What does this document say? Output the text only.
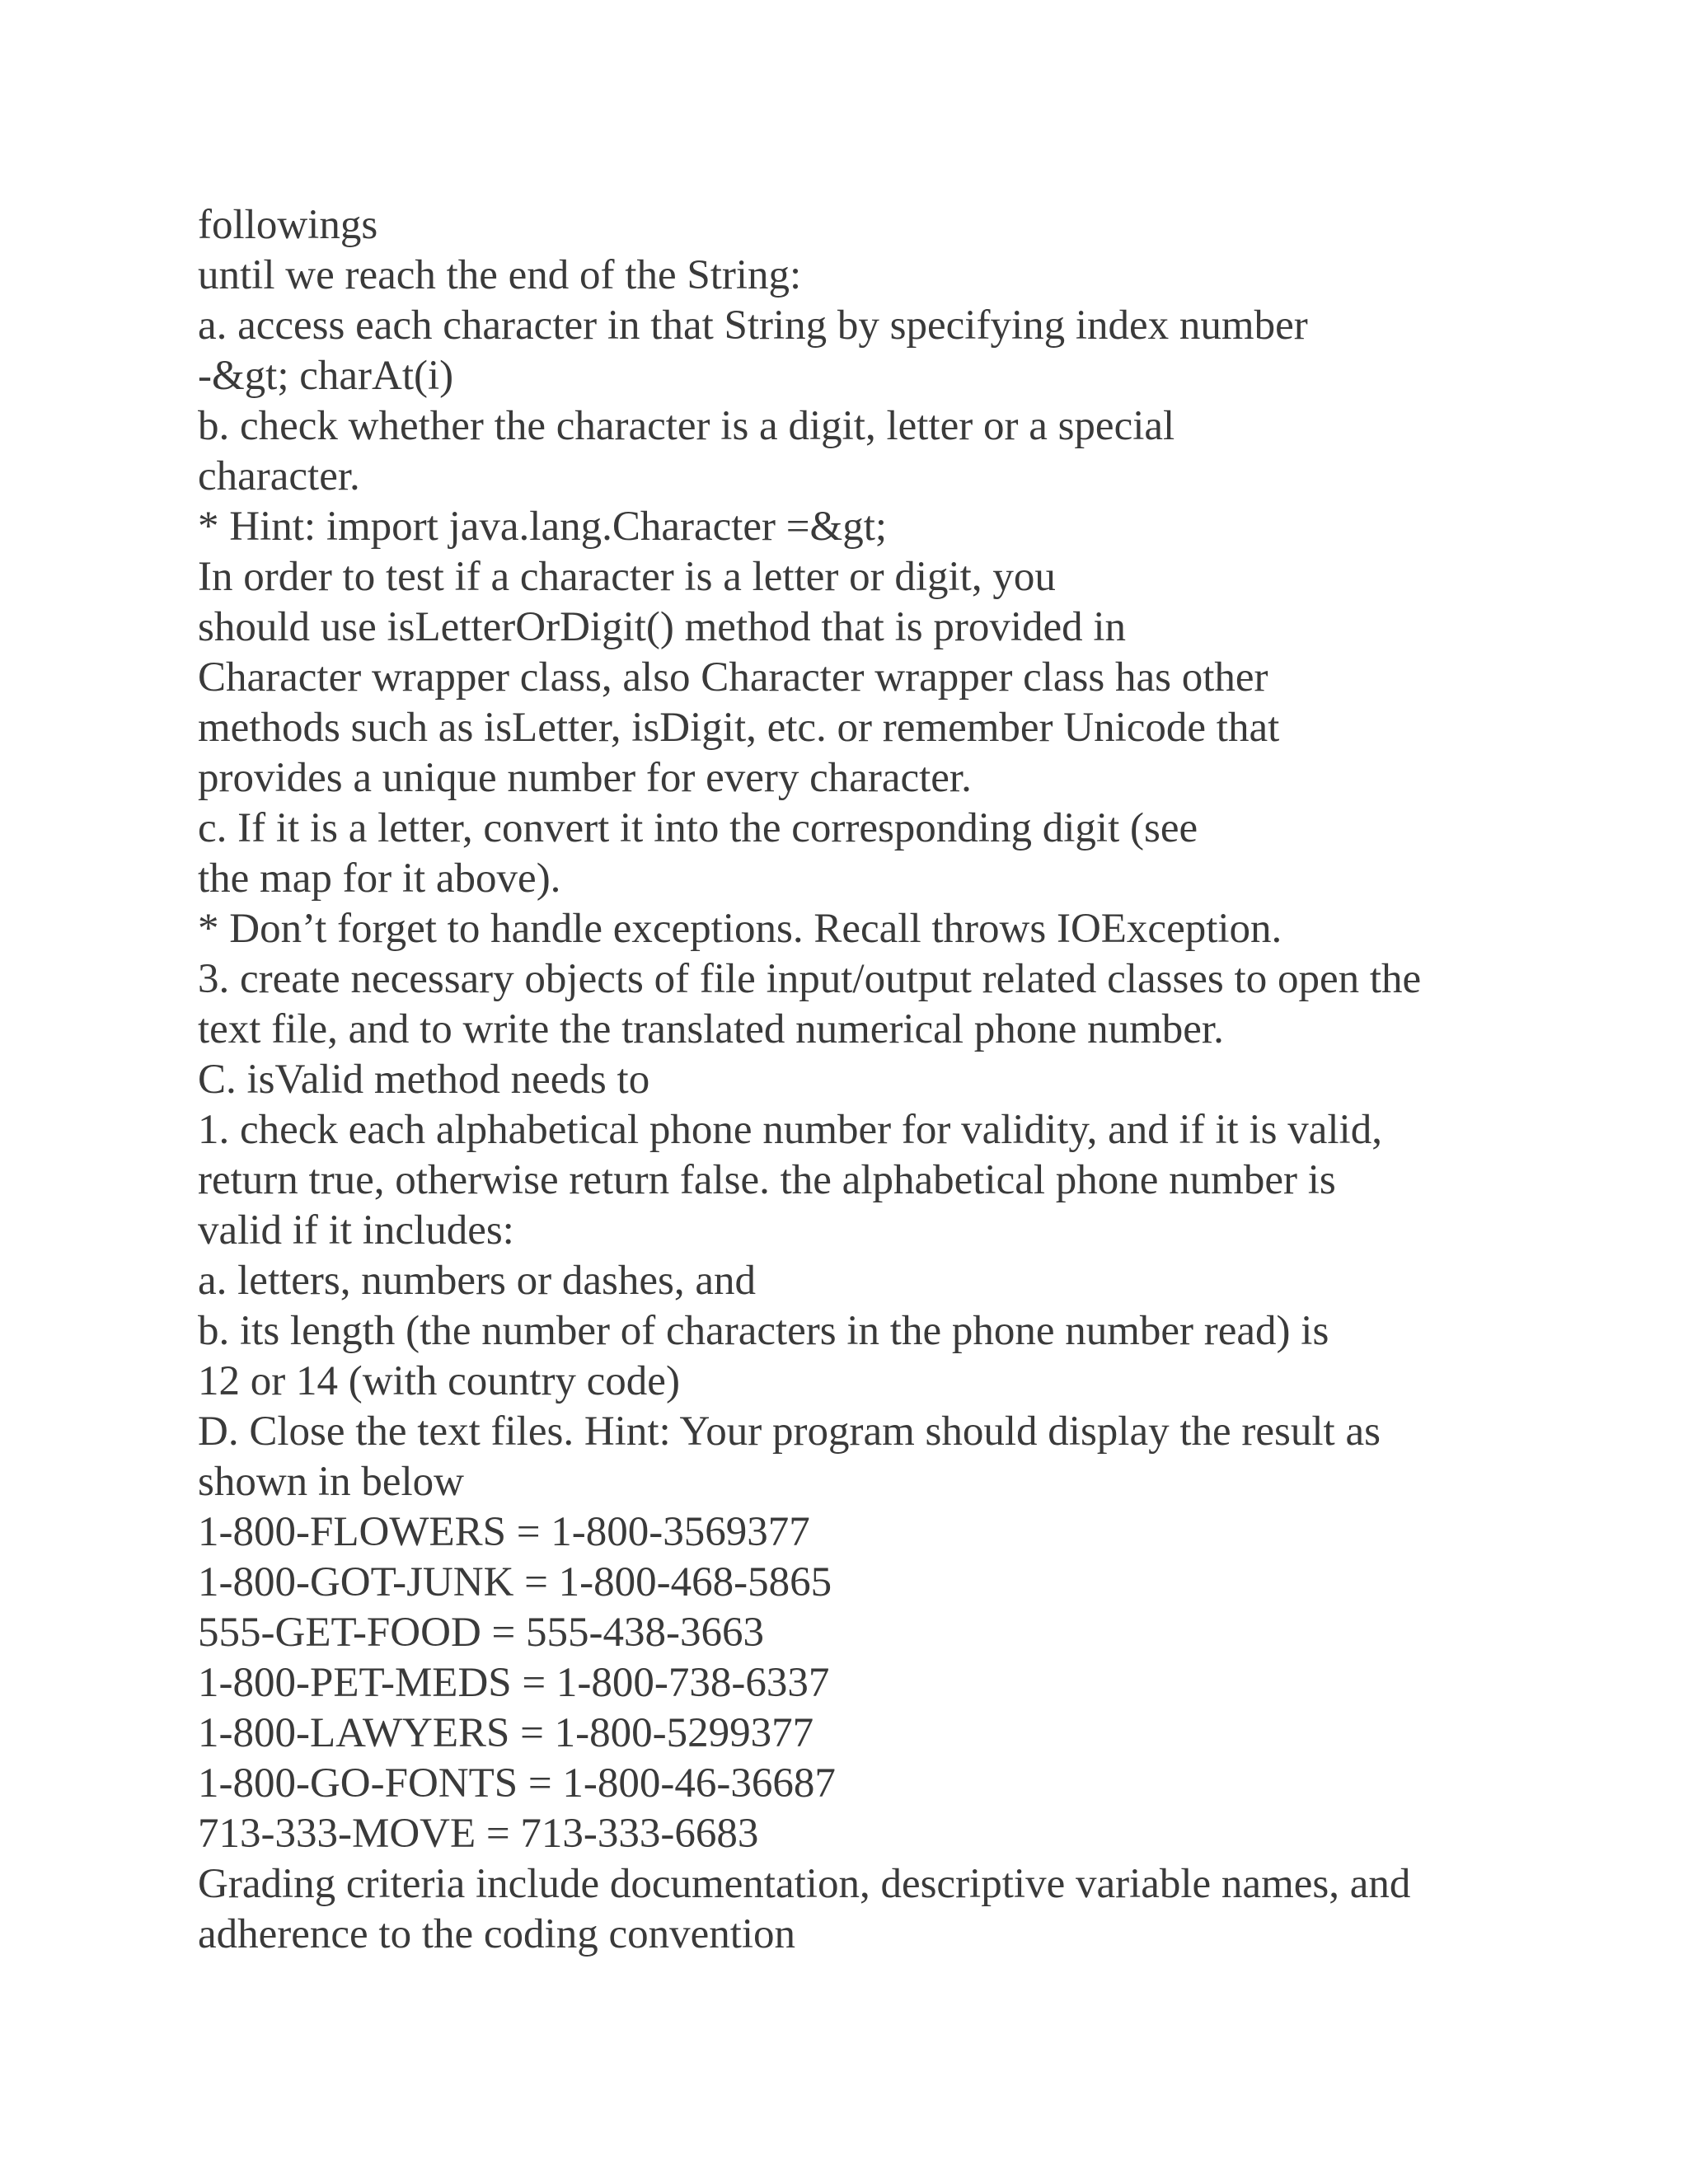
followings
until we reach the end of the String:
a. access each character in that String by specifying index number
-&gt; charAt(i)
b. check whether the character is a digit, letter or a special
character.
* Hint: import java.lang.Character =&gt;
In order to test if a character is a letter or digit, you
should use isLetterOrDigit() method that is provided in
Character wrapper class, also Character wrapper class has other
methods such as isLetter, isDigit, etc. or remember Unicode that
provides a unique number for every character.
c. If it is a letter, convert it into the corresponding digit (see
the map for it above).
* Don’t forget to handle exceptions. Recall throws IOException.
3. create necessary objects of file input/output related classes to open the
text file, and to write the translated numerical phone number.
C. isValid method needs to
1. check each alphabetical phone number for validity, and if it is valid,
return true, otherwise return false. the alphabetical phone number is
valid if it includes:
a. letters, numbers or dashes, and
b. its length (the number of characters in the phone number read) is
12 or 14 (with country code)
D. Close the text files. Hint: Your program should display the result as
shown in below
1-800-FLOWERS = 1-800-3569377
1-800-GOT-JUNK = 1-800-468-5865
555-GET-FOOD = 555-438-3663
1-800-PET-MEDS = 1-800-738-6337
1-800-LAWYERS = 1-800-5299377
1-800-GO-FONTS = 1-800-46-36687
713-333-MOVE = 713-333-6683
Grading criteria include documentation, descriptive variable names, and
adherence to the coding convention
